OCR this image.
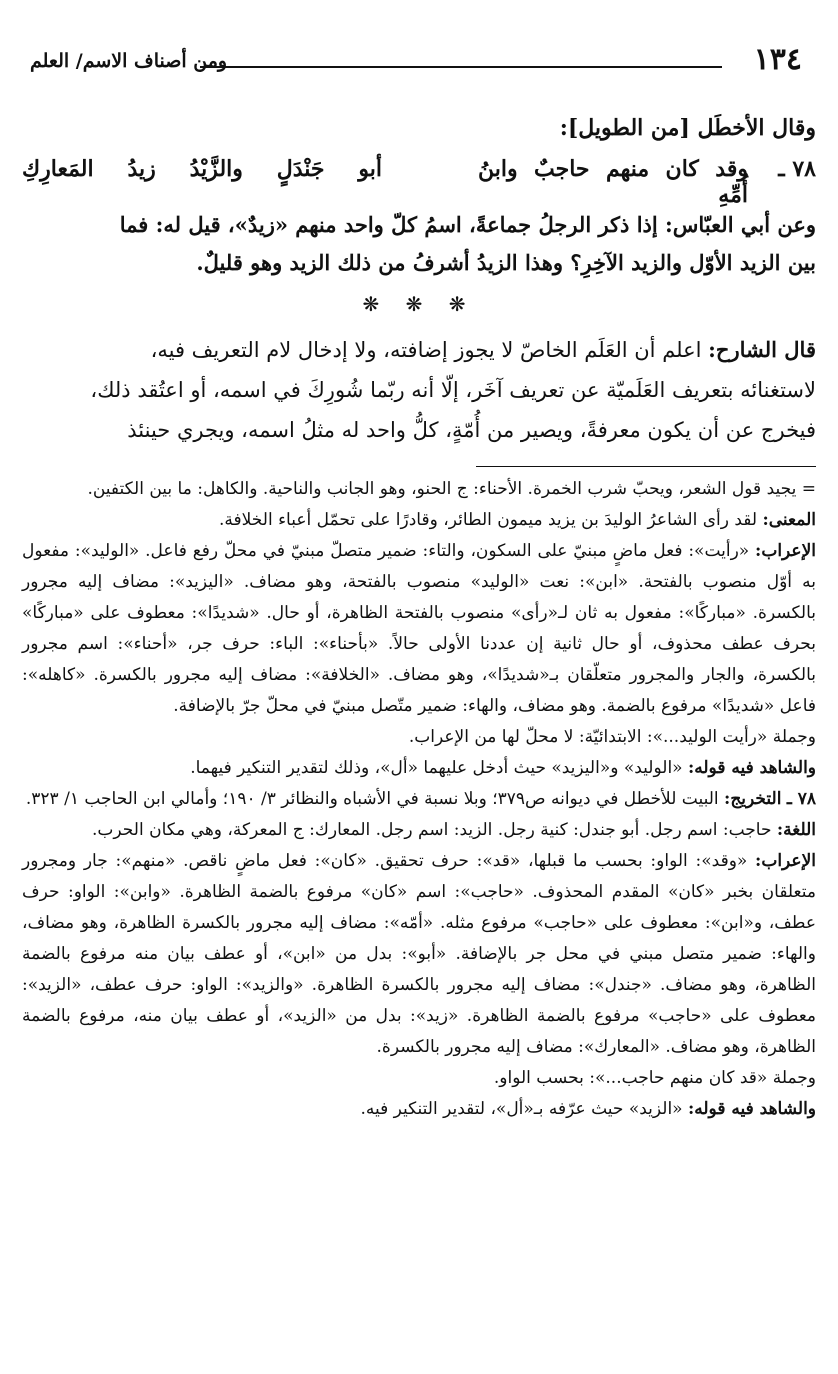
١٣٤
ومن أصناف الاسم/ العلم
وقال الأخطَل [من الطويل]:
٧٨ ـ
وقد كان منهم حاجبٌ وابنُ أُمِّهِ
أبو جَنْدَلٍ والزَّيْدُ زيدُ المَعارِكِ

وعن أبي العبّاس: إذا ذكر الرجلُ جماعةً، اسمُ كلّ واحد منهم «زيدٌ»، قيل له: فما

بين الزيد الأوّل والزيد الآخِرِ؟ وهذا الزيدُ أشرفُ من ذلك الزيد وهو قليلٌ.

❋ ❋ ❋

قال الشارح: اعلم أن العَلَم الخاصّ لا يجوز إضافته، ولا إدخال لام التعريف فيه،

لاستغنائه بتعريف العَلَميّة عن تعريف آخَر، إلّا أنه ربّما شُورِكَ في اسمه، أو اعتُقد ذلك،

فيخرج عن أن يكون معرفةً، ويصير من أُمّةٍ، كلُّ واحد له مثلُ اسمه، ويجري حينئذ

= يجيد قول الشعر، ويحبّ شرب الخمرة. الأحناء: ج الحنو، وهو الجانب والناحية. والكاهل: ما بين الكتفين.

المعنى: لقد رأى الشاعرُ الوليدَ بن يزيد ميمون الطائر، وقادرًا على تحمّل أعباء الخلافة.

الإعراب: «رأيت»: فعل ماضٍ مبنيّ على السكون، والتاء: ضمير متصلّ مبنيّ في محلّ رفع فاعل. «الوليد»: مفعول به أوّل منصوب بالفتحة. «ابن»: نعت «الوليد» منصوب بالفتحة، وهو مضاف. «اليزيد»: مضاف إليه مجرور بالكسرة. «مباركًا»: مفعول به ثان لـ«رأى» منصوب بالفتحة الظاهرة، أو حال. «شديدًا»: معطوف على «مباركًا» بحرف عطف محذوف، أو حال ثانية إن عددنا الأولى حالاً. «بأحناء»: الباء: حرف جر، «أحناء»: اسم مجرور بالكسرة، والجار والمجرور متعلّقان بـ«شديدًا»، وهو مضاف. «الخلافة»: مضاف إليه مجرور بالكسرة. «كاهله»: فاعل «شديدًا» مرفوع بالضمة. وهو مضاف، والهاء: ضمير متّصل مبنيّ في محلّ جرّ بالإضافة.

وجملة «رأيت الوليد...»: الابتدائيّة: لا محلّ لها من الإعراب.

والشاهد فيه قوله: «الوليد» و«اليزيد» حيث أدخل عليهما «أل»، وذلك لتقدير التنكير فيهما.

٧٨ ـ التخريج: البيت للأخطل في ديوانه ص٣٧٩؛ وبلا نسبة في الأشباه والنظائر ٣/ ١٩٠؛ وأمالي ابن الحاجب ١/ ٣٢٣.

اللغة: حاجب: اسم رجل. أبو جندل: كنية رجل. الزيد: اسم رجل. المعارك: ج المعركة، وهي مكان الحرب.

الإعراب: «وقد»: الواو: بحسب ما قبلها، «قد»: حرف تحقيق. «كان»: فعل ماضٍ ناقص. «منهم»: جار ومجرور متعلقان بخبر «كان» المقدم المحذوف. «حاجب»: اسم «كان» مرفوع بالضمة الظاهرة. «وابن»: الواو: حرف عطف، و«ابن»: معطوف على «حاجب» مرفوع مثله. «أمّه»: مضاف إليه مجرور بالكسرة الظاهرة، وهو مضاف، والهاء: ضمير متصل مبني في محل جر بالإضافة. «أبو»: بدل من «ابن»، أو عطف بيان منه مرفوع بالضمة الظاهرة، وهو مضاف. «جندل»: مضاف إليه مجرور بالكسرة الظاهرة. «والزيد»: الواو: حرف عطف، «الزيد»: معطوف على «حاجب» مرفوع بالضمة الظاهرة. «زيد»: بدل من «الزيد»، أو عطف بيان منه، مرفوع بالضمة الظاهرة، وهو مضاف. «المعارك»: مضاف إليه مجرور بالكسرة.

وجملة «قد كان منهم حاجب...»: بحسب الواو.

والشاهد فيه قوله: «الزيد» حيث عرّفه بـ«أل»، لتقدير التنكير فيه.
